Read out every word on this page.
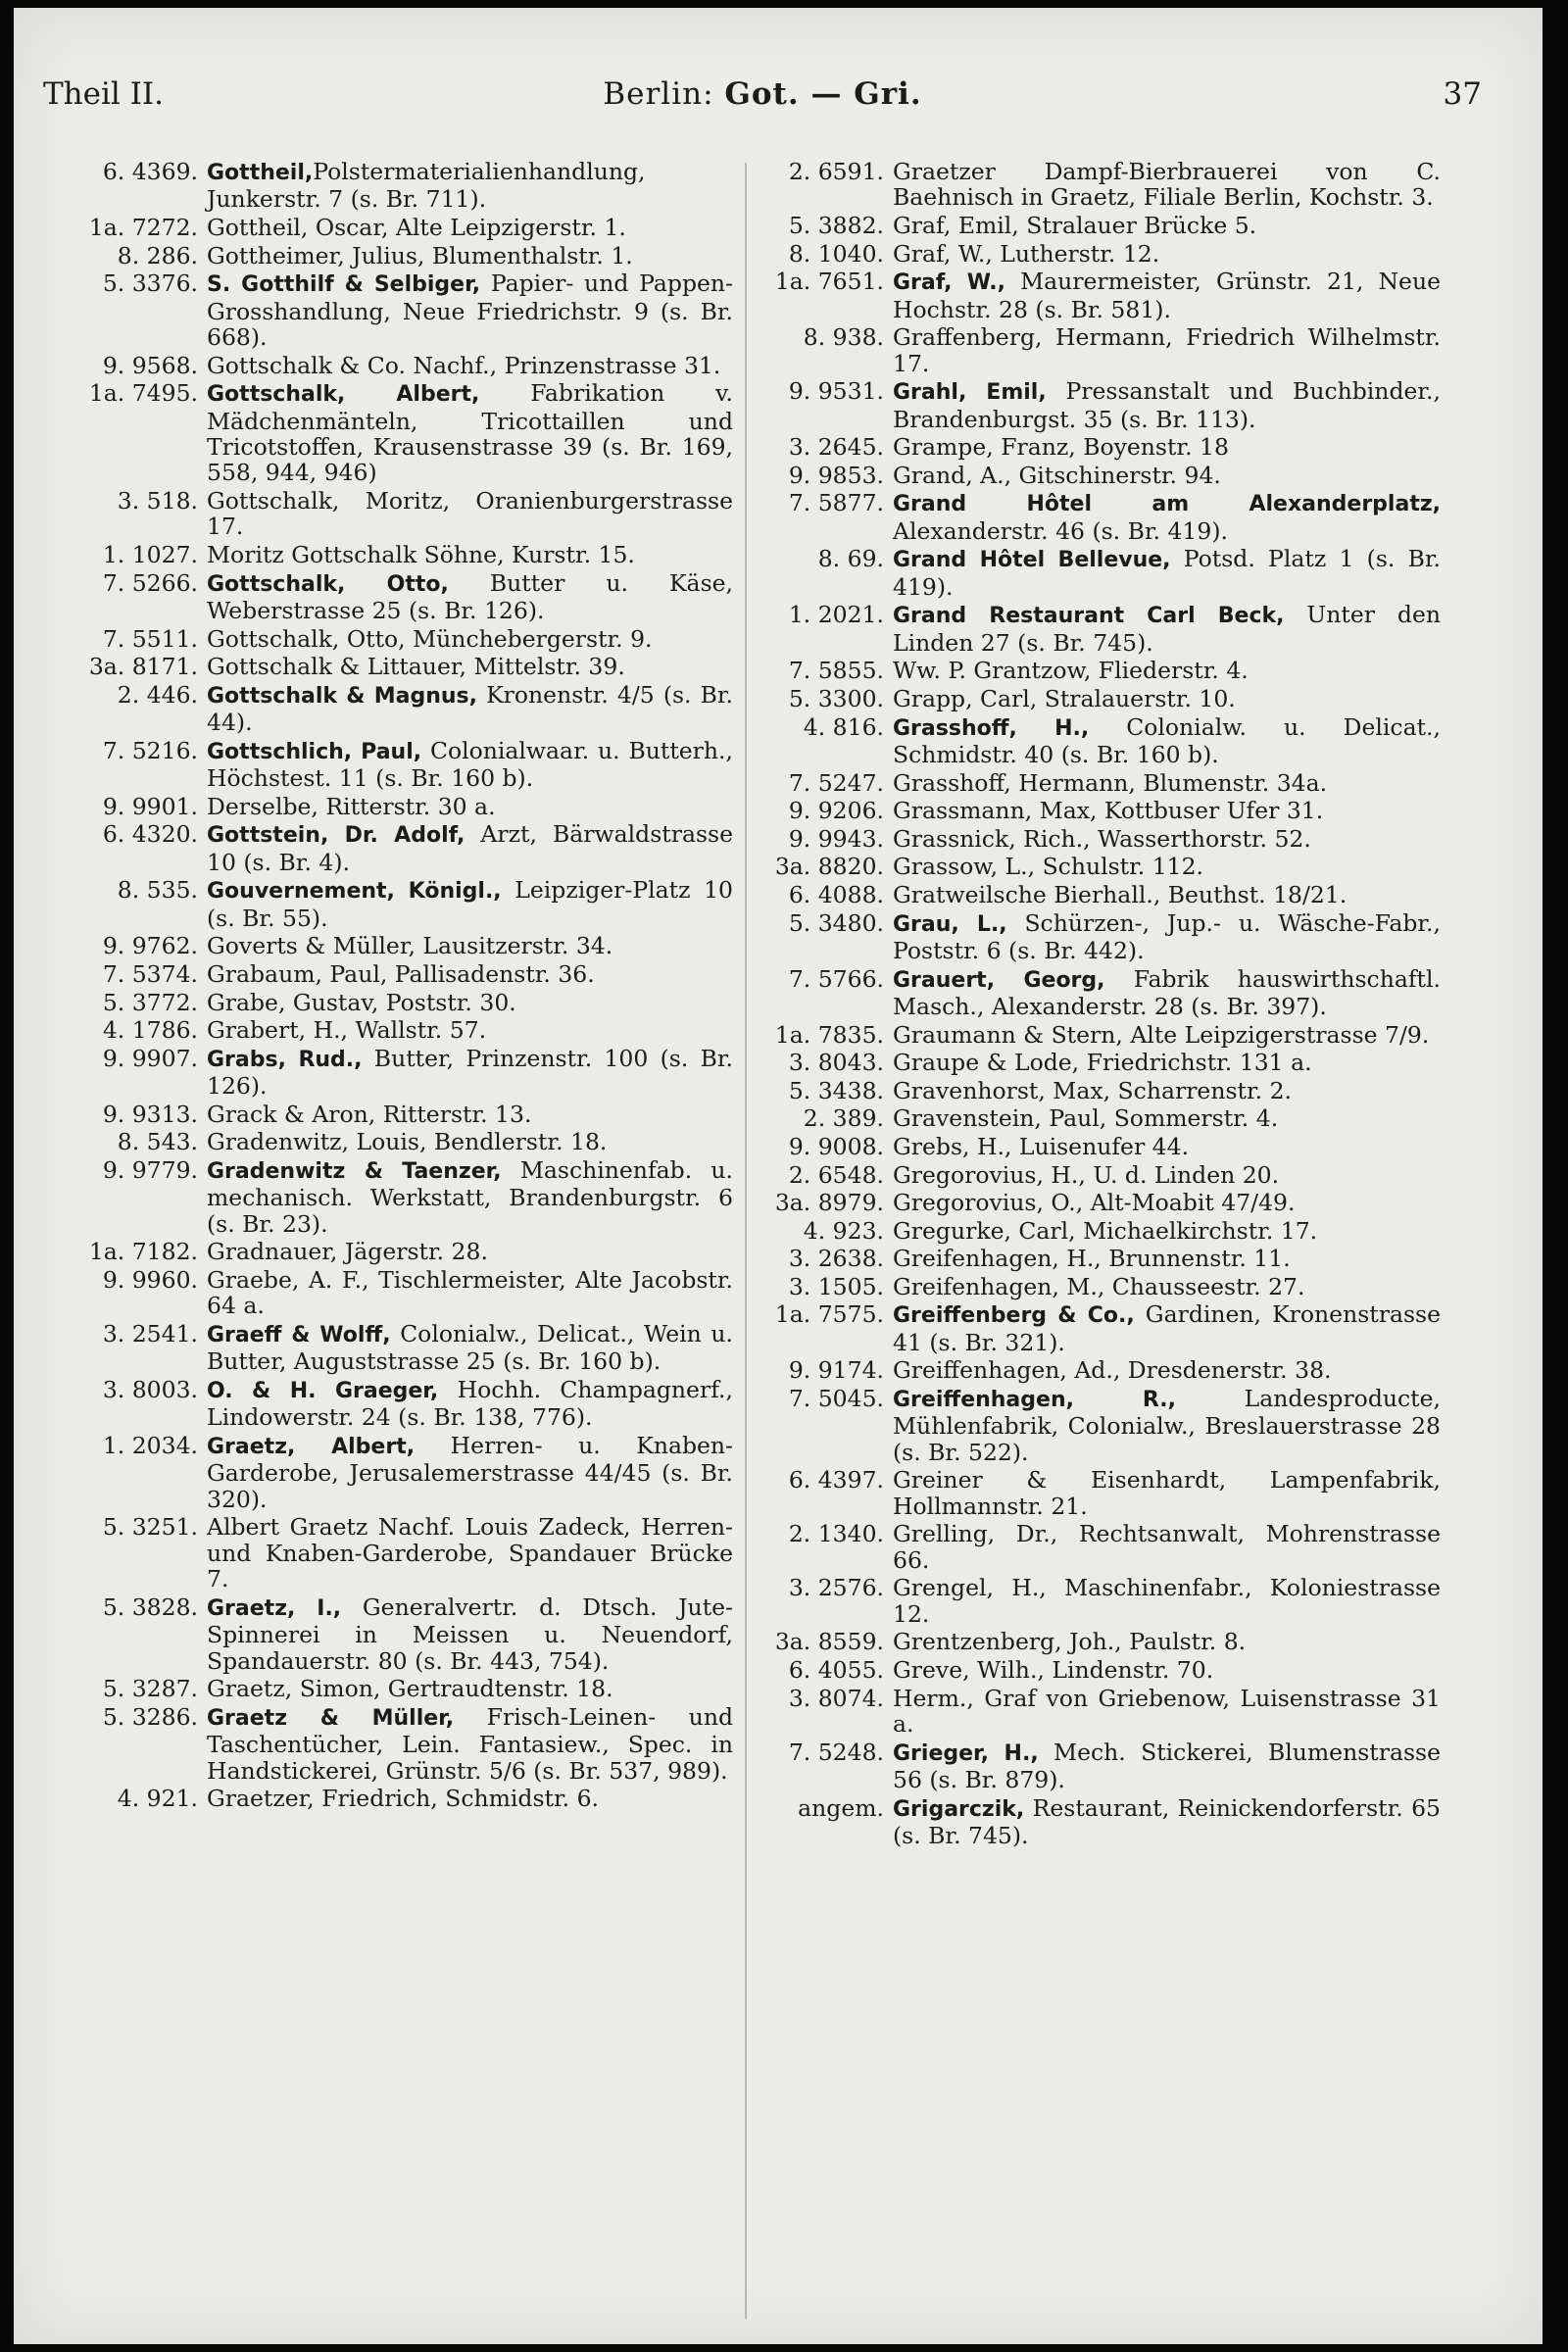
Theil II.	Berlin: Got. — Gri.	37
6. 4369. Gottheil,Polstermaterialienhandlung, Junkerstr. 7 (s. Br. 711).
1a. 7272. Gottheil, Oscar, Alte Leipzigerstr. 1.
8. 286. Gottheimer, Julius, Blumenthalstr. 1.
5. 3376. S. Gotthilf & Selbiger, Papier- und Pappen-Grosshandlung, Neue Friedrichstr. 9 (s. Br. 668).
9. 9568. Gottschalk & Co. Nachf., Prinzenstrasse 31.
1a. 7495. Gottschalk, Albert, Fabrikation v. Mädchenmänteln, Tricottaillen und Tricotstoffen, Krausenstrasse 39 (s. Br. 169, 558, 944, 946)
3. 518. Gottschalk, Moritz, Oranienburgerstrasse 17.
1. 1027. Moritz Gottschalk Söhne, Kurstr. 15.
7. 5266. Gottschalk, Otto, Butter u. Käse, Weberstrasse 25 (s. Br. 126).
7. 5511. Gottschalk, Otto, Münchebergerstr. 9.
3a. 8171. Gottschalk & Littauer, Mittelstr. 39.
2. 446. Gottschalk & Magnus, Kronenstr. 4/5 (s. Br. 44).
7. 5216. Gottschlich, Paul, Colonialwaar. u. Butterh., Höchstest. 11 (s. Br. 160 b).
9. 9901. Derselbe, Ritterstr. 30 a.
6. 4320. Gottstein, Dr. Adolf, Arzt, Bärwaldstrasse 10 (s. Br. 4).
8. 535. Gouvernement, Königl., Leipziger-Platz 10 (s. Br. 55).
9. 9762. Goverts & Müller, Lausitzerstr. 34.
7. 5374. Grabaum, Paul, Pallisadenstr. 36.
5. 3772. Grabe, Gustav, Poststr. 30.
4. 1786. Grabert, H., Wallstr. 57.
9. 9907. Grabs, Rud., Butter, Prinzenstr. 100 (s. Br. 126).
9. 9313. Grack & Aron, Ritterstr. 13.
8. 543. Gradenwitz, Louis, Bendlerstr. 18.
9. 9779. Gradenwitz & Taenzer, Maschinenfab. u. mechanisch. Werkstatt, Brandenburgstr. 6 (s. Br. 23).
1a. 7182. Gradnauer, Jägerstr. 28.
9. 9960. Graebe, A. F., Tischlermeister, Alte Jacobstr. 64 a.
3. 2541. Graeff & Wolff, Colonialw., Delicat., Wein u. Butter, Auguststrasse 25 (s. Br. 160 b).
3. 8003. O. & H. Graeger, Hochh. Champagnerf., Lindowerstr. 24 (s. Br. 138, 776).
1. 2034. Graetz, Albert, Herren- u. Knaben-Garderobe, Jerusalemerstrasse 44/45 (s. Br. 320).
5. 3251. Albert Graetz Nachf. Louis Zadeck, Herren- und Knaben-Garderobe, Spandauer Brücke 7.
5. 3828. Graetz, I., Generalvertr. d. Dtsch. Jute-Spinnerei in Meissen u. Neuendorf, Spandauerstr. 80 (s. Br. 443, 754).
5. 3287. Graetz, Simon, Gertraudtenstr. 18.
5. 3286. Graetz & Müller, Frisch-Leinen- und Taschentücher, Lein. Fantasiew., Spec. in Handstickerei, Grünstr. 5/6 (s. Br. 537, 989).
4. 921. Graetzer, Friedrich, Schmidstr. 6.
2. 6591. Graetzer Dampf-Bierbrauerei von C. Baehnisch in Graetz, Filiale Berlin, Kochstr. 3.
5. 3882. Graf, Emil, Stralauer Brücke 5.
8. 1040. Graf, W., Lutherstr. 12.
1a. 7651. Graf, W., Maurermeister, Grünstr. 21, Neue Hochstr. 28 (s. Br. 581).
8. 938. Graffenberg, Hermann, Friedrich Wilhelmstr. 17.
9. 9531. Grahl, Emil, Pressanstalt und Buchbinder., Brandenburgst. 35 (s. Br. 113).
3. 2645. Grampe, Franz, Boyenstr. 18
9. 9853. Grand, A., Gitschinerstr. 94.
7. 5877. Grand Hôtel am Alexanderplatz, Alexanderstr. 46 (s. Br. 419).
8. 69. Grand Hôtel Bellevue, Potsd. Platz 1 (s. Br. 419).
1. 2021. Grand Restaurant Carl Beck, Unter den Linden 27 (s. Br. 745).
7. 5855. Ww. P. Grantzow, Fliederstr. 4.
5. 3300. Grapp, Carl, Stralauerstr. 10.
4. 816. Grasshoff, H., Colonialw. u. Delicat., Schmidstr. 40 (s. Br. 160 b).
7. 5247. Grasshoff, Hermann, Blumenstr. 34a.
9. 9206. Grassmann, Max, Kottbuser Ufer 31.
9. 9943. Grassnick, Rich., Wasserthorstr. 52.
3a. 8820. Grassow, L., Schulstr. 112.
6. 4088. Gratweilsche Bierhall., Beuthst. 18/21.
5. 3480. Grau, L., Schürzen-, Jup.- u. Wäsche-Fabr., Poststr. 6 (s. Br. 442).
7. 5766. Grauert, Georg, Fabrik hauswirthschaftl. Masch., Alexanderstr. 28 (s. Br. 397).
1a. 7835. Graumann & Stern, Alte Leipzigerstrasse 7/9.
3. 8043. Graupe & Lode, Friedrichstr. 131 a.
5. 3438. Gravenhorst, Max, Scharrenstr. 2.
2. 389. Gravenstein, Paul, Sommerstr. 4.
9. 9008. Grebs, H., Luisenufer 44.
2. 6548. Gregorovius, H., U. d. Linden 20.
3a. 8979. Gregorovius, O., Alt-Moabit 47/49.
4. 923. Gregurke, Carl, Michaelkirchstr. 17.
3. 2638. Greifenhagen, H., Brunnenstr. 11.
3. 1505. Greifenhagen, M., Chausseestr. 27.
1a. 7575. Greiffenberg & Co., Gardinen, Kronenstrasse 41 (s. Br. 321).
9. 9174. Greiffenhagen, Ad., Dresdenerstr. 38.
7. 5045. Greiffenhagen, R., Landesproducte, Mühlenfabrik, Colonialw., Breslauerstrasse 28 (s. Br. 522).
6. 4397. Greiner & Eisenhardt, Lampenfabrik, Hollmannstr. 21.
2. 1340. Grelling, Dr., Rechtsanwalt, Mohrenstrasse 66.
3. 2576. Grengel, H., Maschinenfabr., Koloniestrasse 12.
3a. 8559. Grentzenberg, Joh., Paulstr. 8.
6. 4055. Greve, Wilh., Lindenstr. 70.
3. 8074. Herm., Graf von Griebenow, Luisenstrasse 31 a.
7. 5248. Grieger, H., Mech. Stickerei, Blumenstrasse 56 (s. Br. 879).
angem. Grigarczik, Restaurant, Reinickendorferstr. 65 (s. Br. 745).
